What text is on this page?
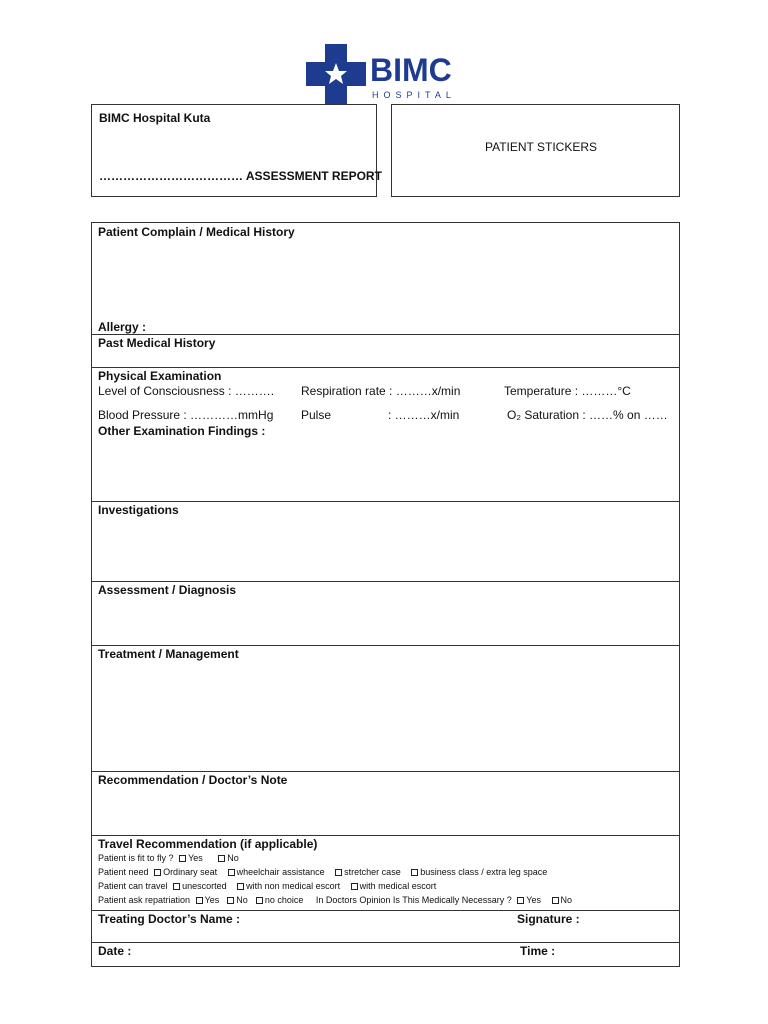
BIMC
HOSPITAL
BIMC Hospital Kuta
……………………………… ASSESSMENT REPORT
PATIENT STICKERS
Patient Complain / Medical History
Allergy :
Past Medical History
Physical Examination
Level of Consciousness : ………. Respiration rate : ………x/min	Temperature : ………°C
Blood Pressure : …………mmHg Pulse	: ………x/min	O₂ Saturation : ……% on ……
Other Examination Findings :
Investigations
Assessment / Diagnosis
Treatment / Management
Recommendation / Doctor’s Note
Travel Recommendation (if applicable)
Patient is fit to fly ? Yes	No
Patient need Ordinary seat wheelchair assistance stretcher case business class / extra leg space
Patient can travel unescorted with non medical escort with medical escort
Patient ask repatriation Yes No no choice In Doctors Opinion Is This Medically Necessary ? Yes No
Treating Doctor’s Name :	Signature :
Date :	Time :
